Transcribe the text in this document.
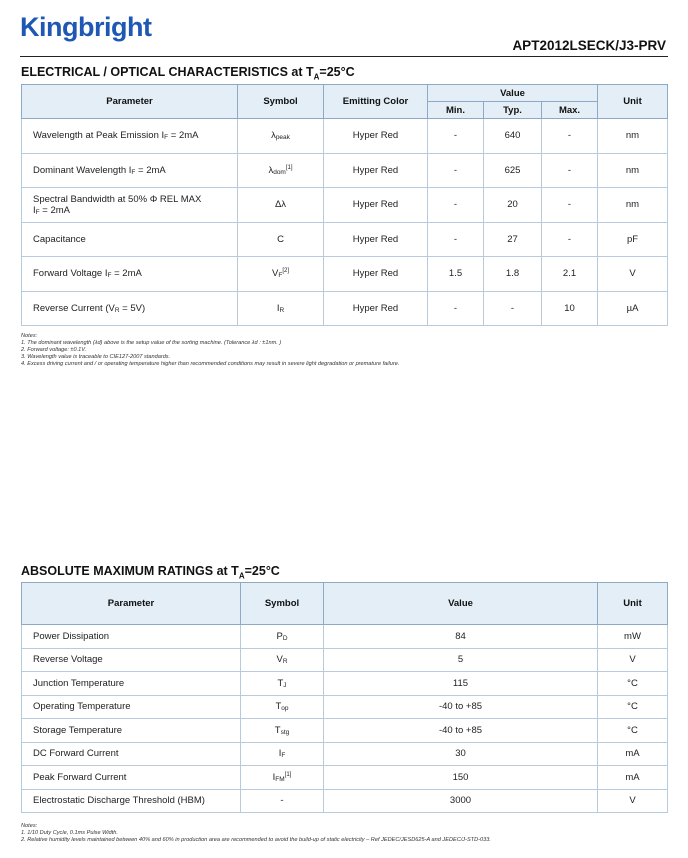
Kingbright
APT2012LSECK/J3-PRV
ELECTRICAL / OPTICAL CHARACTERISTICS at $T_A=25^\circ C$
Parameter	Symbol	Emitting Color	Value			Unit
			Min.	Typ.	Max.	
Wavelength at Peak Emission IF = 2mA	λpeak	Hyper Red	-	640	-	nm
Dominant Wavelength IF = 2mA	λdom[1]	Hyper Red	-	625	-	nm
Spectral Bandwidth at 50% Φ REL MAX
IF = 2mA	Δλ	Hyper Red	-	20	-	nm
Capacitance	C	Hyper Red	-	27	-	pF
Forward Voltage IF = 2mA	VF[2]	Hyper Red	1.5	1.8	2.1	V
Reverse Current (VR = 5V)	IR	Hyper Red	-	-	10	µA
Notes:
1. The dominant wavelength (λd) above is the setup value of the sorting machine. (Tolerance λd : ±1nm. )
2. Forward voltage: ±0.1V.
3. Wavelength value is traceable to CIE127-2007 standards.
4. Excess driving current and / or operating temperature higher than recommended conditions may result in severe light degradation or premature failure.
ABSOLUTE MAXIMUM RATINGS at $T_A=25^\circ C$
Parameter	Symbol	Value	Unit
Power Dissipation	PD	84	mW
Reverse Voltage	VR	5	V
Junction Temperature	TJ	115	°C
Operating Temperature	Top	-40 to +85	°C
Storage Temperature	Tstg	-40 to +85	°C
DC Forward Current	IF	30	mA
Peak Forward Current	IFM[1]	150	mA
Electrostatic Discharge Threshold (HBM)	-	3000	V
Notes:
1. 1/10 Duty Cycle, 0.1ms Pulse Width.
2. Relative humidity levels maintained between 40% and 60% in production area are recommended to avoid the build-up of static electricity – Ref JEDEC/JESD625-A and JEDEC/J-STD-033.
